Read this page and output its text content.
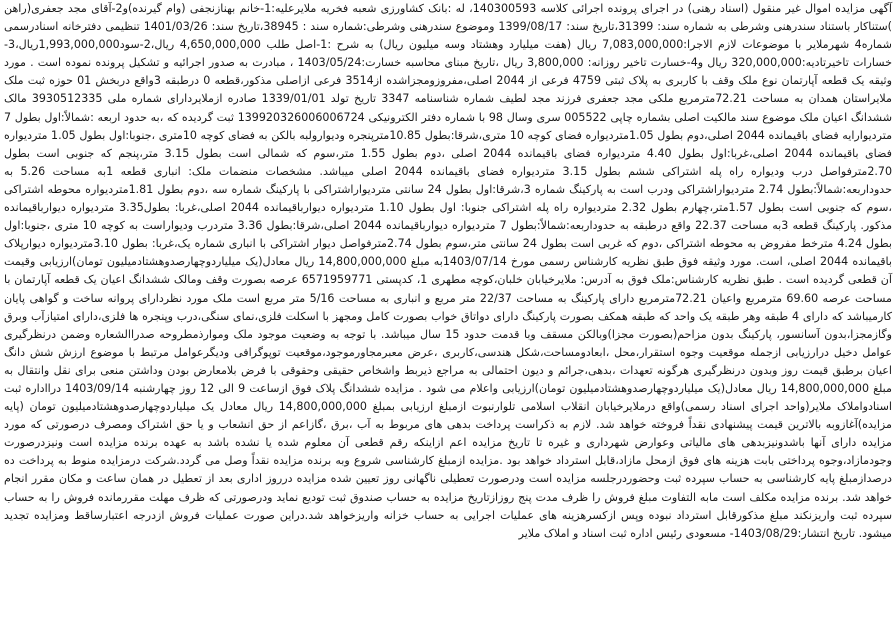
آگهی مزایده اموال غیر منقول (اسناد رهنی) در اجرای پرونده اجرائی کلاسه 140300593، له :بانک کشاورزی شعبه فخریه ملایرعلیه:1-خانم بهنازنجفی (وام گیرنده)و2-آقای مجد جعفری(راهن )ستناکار باستناد سندرهنی وشرطی به شماره سند: 31399،تاریخ سند: 1399/08/17 وموضوع سندرهنی وشرطی:شماره سند : 38945،تاریخ سند: 1401/03/26 تنظیمی دفترخانه اسنادرسمی شماره4 شهرملایر با موضوعات لازم الاجرا:7,083,000,000 ریال (هفت میلیارد وهشتاد وسه میلیون ریال) به شرح :1-اصل طلب 4,650,000,000 ریال،2-سود1,993,000,000ریال،3-خسارات تاخیرتادیه:320,000,000 ریال و4-خسارت تاخیر روزانه: 3,800,000 ریال ،تاریخ مبنای محاسبه خسارت:1403/05/24 ، مبادرت به صدور اجرائیه و تشکیل پرونده نموده است . مورد وثیقه یک قطعه آپارتمان نوع ملک وقف با کاربری به پلاک ثبتی 4759 فرعی از 2044 اصلی،مفروزومجزاشده از3514 فرعی ازاصلی مذکور،قطعه 0 درطبقه 3واقع دربخش 01 حوزه ثبت ملک ملایراستان همدان به مساحت 72.21مترمربع ملکی مجد جعفری فرزند مجد لطیف شماره شناسنامه 3347 تاریخ تولد 1339/01/01 صادره ازملایردارای شماره ملی 3930512335 مالک ششدانگ اعیان ملک موضوع سند مالکیت اصلی بشماره چاپی 005522 سری وسال 98 با شماره دفتر الکترونیکی 139920326006006724 ثبت گردیده که ،به حدود اربعه :شمالاً:اول بطول 7 متردیوارایه فضای باقیمانده 2044 اصلی،دوم بطول 1.05متردیواره فضای کوچه 10 متری،شرقا:بطول 10.85مترپنجره ودیوارولبه بالکن به فضای کوچه 10متری ،جنوبا:اول بطول 1.05 متردیواره فضای باقیمانده 2044 اصلی،غربا:اول بطول 4.40 متردیواره فضای باقیمانده 2044 اصلی ،دوم بطول 1.55 متر،سوم که شمالی است بطول 3.15 متر،پنجم که جنوبی است بطول 2.70مترفواصل درب ودیواره راه پله اشتراکی ششم بطول 3.15 متردیواره فضای باقیمانده 2044 اصلی میباشد. مشخصات منضمات ملک: انباری قطعه 1به مساحت 5.26 به حدوداربعه:شمالاً:بطول 2.74 متردیواراشتراکی ودرب است به پارکینگ شماره 3،شرقا:اول بطول 24 سانتی متردیواراشتراکی با پارکینگ شماره سه ،دوم بطول 1.81متردیواره محوطه اشتراکی ،سوم که جنوبی است بطول 1.57متر،چهارم بطول 2.32 متردیواره راه پله اشتراکی جنوبا: اول بطول 1.10 متردیواره دیوارباقیمانده 2044 اصلی،غربا: بطول3.35 متردیواره دیوارباقیمانده مذکور. پارکینگ قطعه 3به مساحت 22.37 واقع درطبقه به حدوداربعه:شمالاً:بطول 7 متردیواره دیوارباقیمانده 2044 اصلی،شرقا:بطول 3.36 متردرب ودیواراست به کوچه 10 متری ،جنوبا:اول بطول 4.24 مترخط مفروض به محوطه اشتراکی ،دوم که غربی است بطول 24 سانتی متر،سوم بطول 2.74مترفواصل دیوار اشتراکی با انباری شماره یک،غربا: بطول 3.10متردیواره دیوارپلاک باقیمانده 2044 اصلی، است. مورد وثیقه فوق طبق نظریه کارشناس رسمی مورخ 1403/07/14به مبلغ 14,800,000,000 ریال معادل(یک میلیاردوچهارصدوهشتادمیلیون تومان)ارزیابی وقیمت آن قطعی گردیده است . طبق نظریه کارشناس:ملک فوق به آدرس: ملایرخیابان خلبان،کوچه مطهری 1، کدپستی 6571959771 عرصه بصورت وقف ومالک ششدانگ اعیان یک قطعه آپارتمان با مساحت عرصه 69.60 مترمربع واعیان 72.21مترمربع دارای پارکینگ به مساحت 22/37 متر مربع و انباری به مساحت 5/16 متر مربع است ملک مورد نظردارای پروانه ساخت و گواهی پایان کارمیباشد که دارای 4 طبقه وهر طبقه یک واحد که طبقه همکف بصورت پارکینگ دارای دواتاق خواب بصورت کامل ومجهز با اسکلت فلزی،نمای سنگی،درب وپنجره ها فلزی،دارای امتیازآب وبرق وگازمجزا،بدون آسانسور، پارکینگ بدون مزاحم(بصورت مجزا)وبالکن مسقف وبا قدمت حدود 15 سال میباشد. با توجه به وضعیت موجود ملک وموارذمطروحه صدراالشعاره وضمن درنظرگیری عوامل دخیل درارزیابی ازجمله موقعیت وجوه استقرار،محل ،ابعادومساحت،شکل هندسی،کاربری ،عرض معبرمجاورموجود،موقعیت توپوگرافی ودیگرعوامل مرتبط با موضوع ارزش شش دانگ اعیان برطبق قیمت روز وبدون درنظرگیری هرگونه تعهدات ،بدهی،جرائم و دیون احتمالی به مراجع ذیربط واشخاص حقیقی وحقوقی با فرض بلامعارض بودن وداشتن منعی برای نقل وانتقال به مبلغ 14,800,000,000 ریال معادل(یک میلیاردوچهارصدوهشتادمیلیون تومان)ارزیابی واعلام می شود . مزایده ششدانگ پلاک فوق ازساعت 9 الی 12 روز چهارشنبه 1403/09/14 درااداره ثبت اسنادواملاک ملایر(واحد اجرای اسناد رسمی)واقع درملایرخیابان انقلاب اسلامی تلوارنبوت ازمبلغ ارزیابی بمبلغ 14,800,000,000 ریال معادل یک میلیاردوچهارصدوهشتادمیلیون تومان (پایه مزایده)آغازوبه بالاترین قیمت پیشنهادی نقداً فروخته خواهد شد. لازم به ذکراست پرداخت بدهی های مربوط به آب ،برق ،گازاعم از حق انشعاب و یا حق اشتراک ومصرف درصورتی که مورد مزایده دارای آنها باشدونیزبدهی های مالیاتی وعوارض شهرداری و غیره تا تاریخ مزایده اعم ازاینکه رقم قطعی آن معلوم شده یا نشده باشد به عهده برنده مزایده است ونیزدرصورت وجودمازاد،وجوه پرداختی بابت هزینه های فوق ازمحل مازاد،قابل استرداد خواهد بود .مزایده ازمبلغ کارشناسی شروع وبه برنده مزایده نقداً وصل می گردد.شرکت درمزایده منوط به پرداخت ده درصدازمبلغ پایه کارشناسی به حساب سپرده ثبت وحضوردرجلسه مزایده است ودرصورت تعطیلی ناگهانی روز تعیین شده مزایده درروز اداری بعد از تعطیل در همان ساعت و مکان مقرر انجام خواهد شد. برنده مزایده مکلف است مابه التفاوت مبلغ فروش را ظرف مدت پنج روزازتاریخ مزایده به حساب صندوق ثبت تودیع نماید ودرصورتی که ظرف مهلت مقررمانده فروش را به حساب سپرده ثبت واریزنکند مبلغ مذکورقابل استرداد نبوده وپس ازکسرهزینه های عملیات اجرایی به حساب خزانه واریزخواهد شد.دراین صورت عملیات فروش ازدرجه اعتبارساقط ومزایده تجدید میشود. تاریخ انتشار:1403/08/29- مسعودی رئیس اداره ثبت اسناد و املاک ملایر
